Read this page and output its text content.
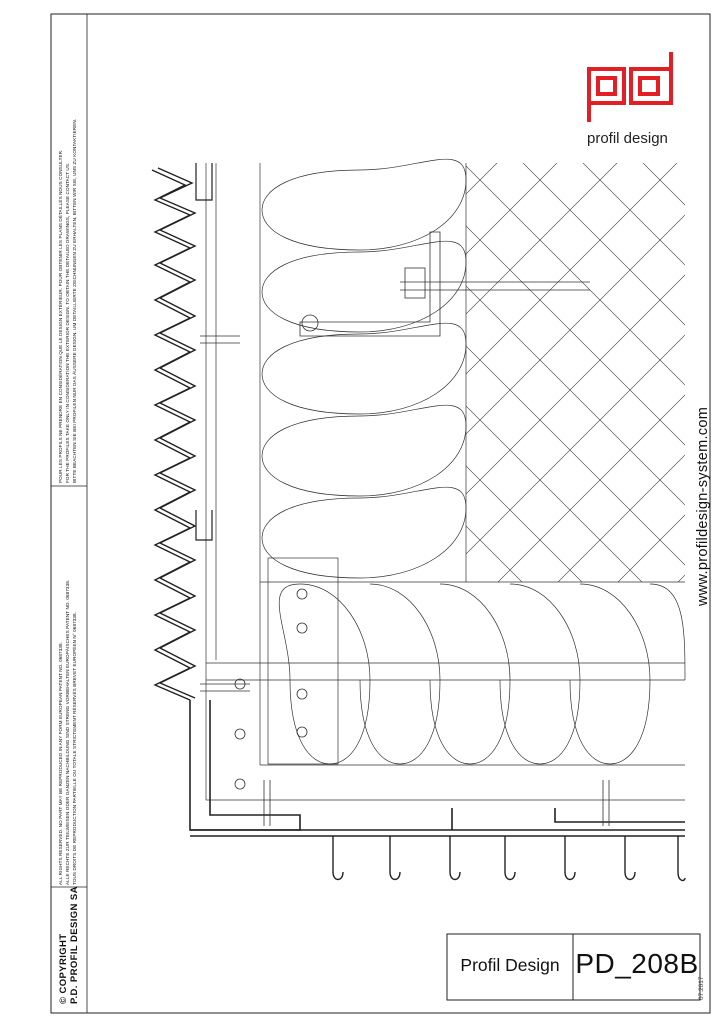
© COPYRIGHT P.D. PROFIL DESIGN SA
ALL RIGHTS RESERVED. NO PART MAY BE REPRODUCED IN ANY FORM EUROPEAN PATENT NO. 0687338. ALLE RECHTE ZUR TEILWEISEN ODER GANZEN NACHBILDUNG SIND STRENG VORBEHALTEN EUROPÄISCHES PATENT NO. 0687338. TOUS DROITS DE REPRODUCTION PARTIELLE OU TOTALE STRICTEMENT RÉSERVÉS BREVET EUROPÉEN N° 0687338.
POUR LES PROFILS NE PRENDRE EN CONSIDÉRATION QUE LE DESIGN EXTÉRIEUR. POUR OBTENIR LES PLANS DÉTAILLÉS NOUS CONSULTER. FOR THE PROFILES TAKE ONLY IN CONSIDERATION THE EXTERIOR DESIGN. TO OBTAIN THE DETAILED DRAWINGS, PLEASE CONTACT US. BITTE BEACHTEN SIE BEI PROFILEN NUR DAS ÄUSSERE DESIGN. UM DETAILLIERTE ZEICHNUNGEN ZU ERHALTEN, BITTEN WIR SIE, UNS ZU KONTAKTIEREN.	profil design
www.profildesign-system.com
Profil Design PD_208B
07.2017
